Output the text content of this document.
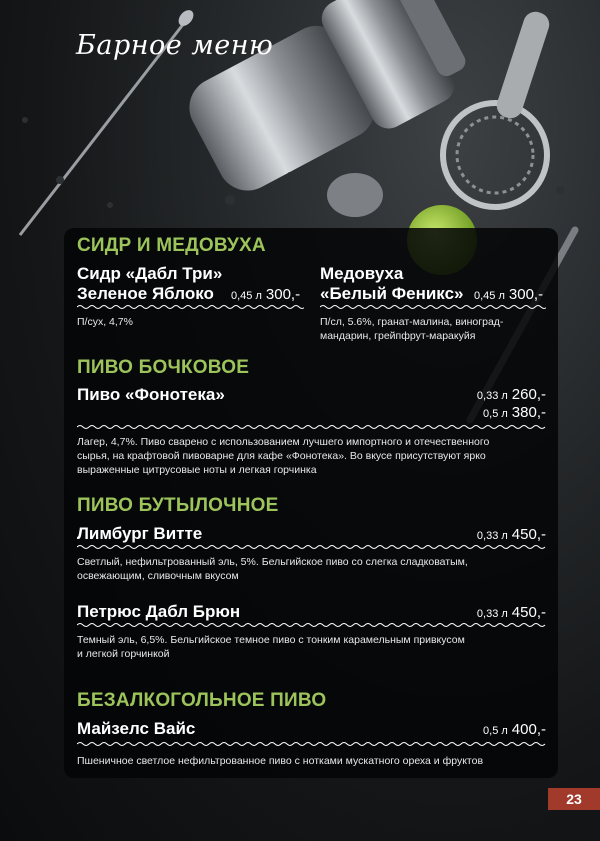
Барное меню
СИДР И МЕДОВУХА
Сидр «Дабл Три»
Зеленое Яблоко	0,45 л 300,-

П/сух, 4,7%

Медовуха
«Белый Феникс» 0,45 л 300,-
П/сл, 5.6%, гранат-малина, виноград-
мандарин, грейпфрут-маракуйя
ПИВО БОЧКОВОЕ
Пиво «Фонотека»	0,33 л 260,-
0,5 л 380,-
Лагер, 4,7%. Пиво сварено с использованием лучшего импортного и отечественного
сырья, на крафтовой пивоварне для кафе «Фонотека». Во вкусе присутствуют ярко
выраженные цитрусовые ноты и легкая горчинка
ПИВО БУТЫЛОЧНОЕ
Лимбург Витте	0,33 л 450,-
Светлый, нефильтрованный эль, 5%. Бельгийское пиво со слегка сладковатым,
освежающим, сливочным вкусом
Петрюс Дабл Брюн	0,33 л 450,-
Темный эль, 6,5%. Бельгийское темное пиво с тонким карамельным привкусом
и легкой горчинкой
БЕЗАЛКОГОЛЬНОЕ ПИВО
Майзелс Вайс	0,5 л 400,-

Пшеничное светлое нефильтрованное пиво с нотками мускатного ореха и фруктов

23
